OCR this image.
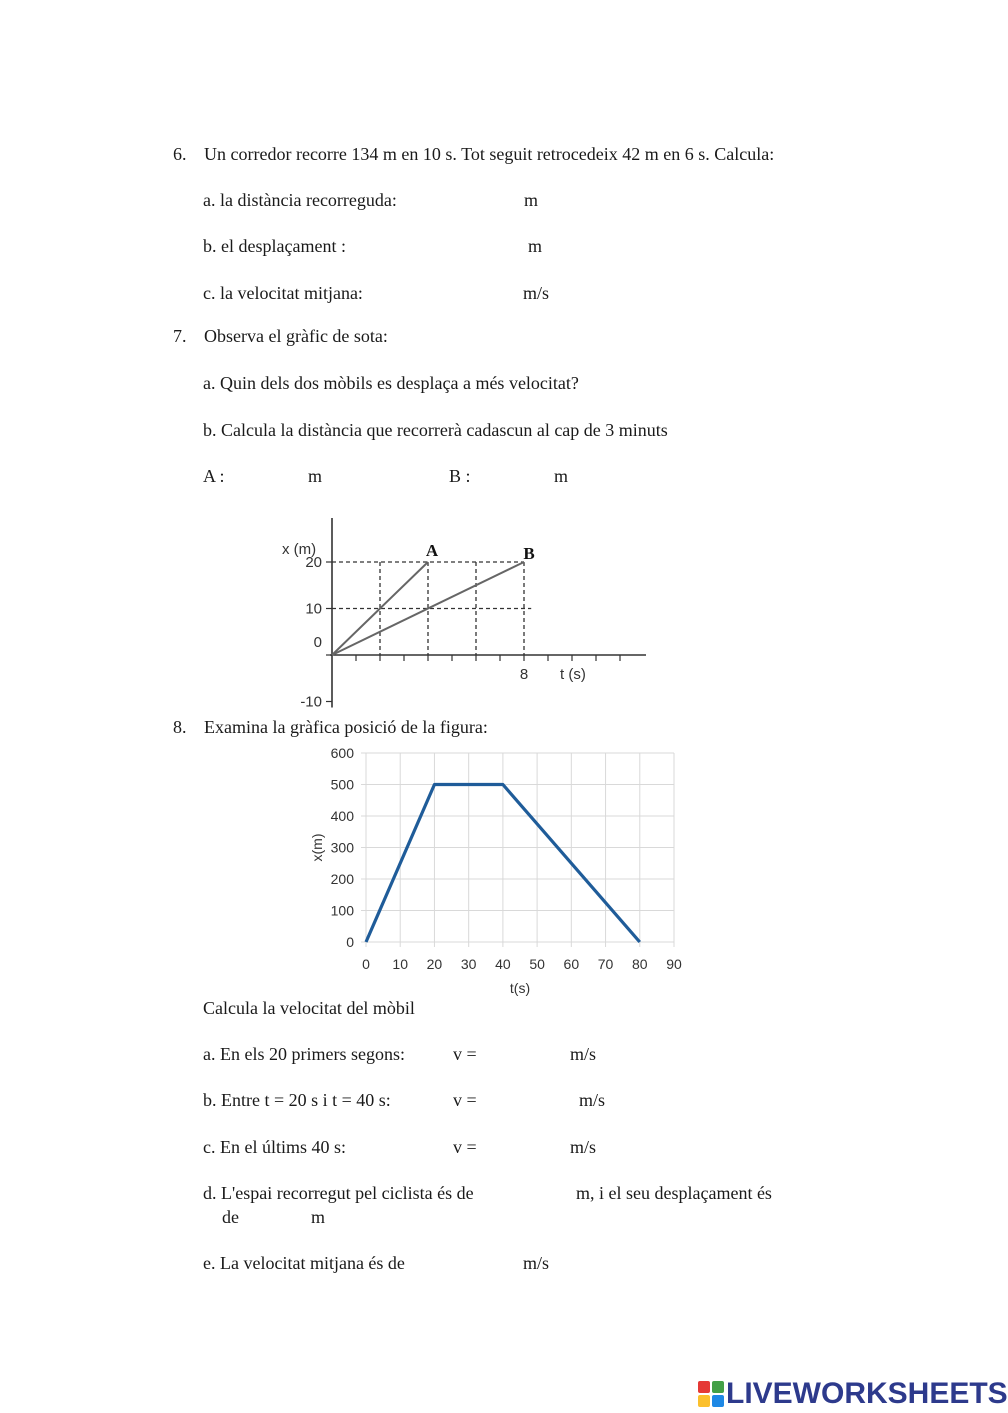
6. Un corredor recorre 134 m en 10 s. Tot seguit retrocedeix 42 m en 6 s. Calcula:
a. la distància recorreguda:	m
b. el desplaçament :	m
c. la velocitat mitjana:	m/s
7. Observa el gràfic de sota:
a. Quin dels dos mòbils es desplaça a més velocitat?
b. Calcula la distància que recorrerà cadascun al cap de 3 minuts
A :	m	B :	m
20
10
0
-10
8 t (s)
x (m)	A	B
8. Examina la gràfica posició de la figura:
0 10 20 30 40 50 60 70 80 90
0
100
200
300
400
500
600
t(s)
x(m)
Calcula la velocitat del mòbil
a. En els 20 primers segons:	v =	m/s
b. Entre t = 20 s i t = 40 s:	v =	m/s
c. En el últims 40 s:	v =	m/s
d. L'espai recorregut pel ciclista és de	m, i el seu desplaçament és
de	m
e. La velocitat mitjana és de	m/s
LIVEWORKSHEETS
